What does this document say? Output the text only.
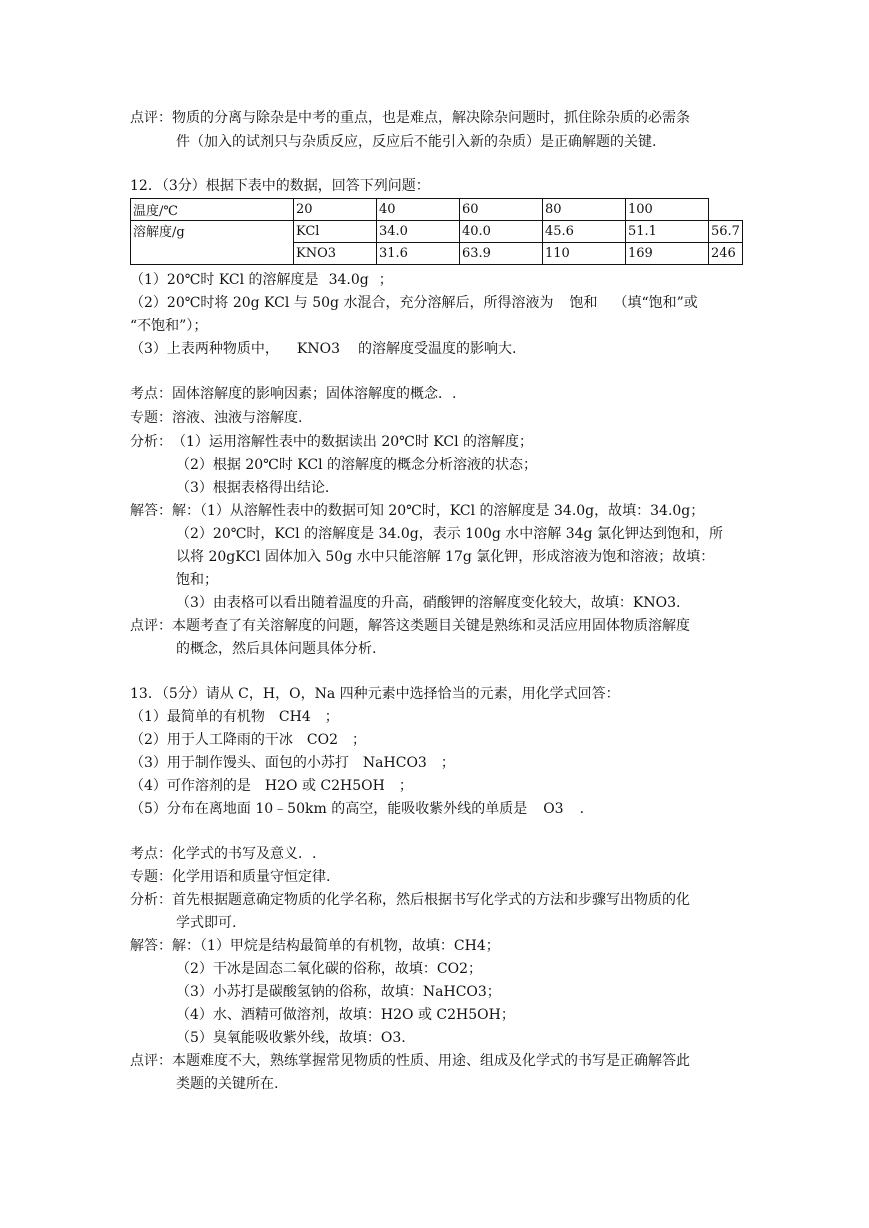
点评：物质的分离与除杂是中考的重点，也是难点，解决除杂问题时，抓住除杂质的必需条
件（加入的试剂只与杂质反应，反应后不能引入新的杂质）是正确解题的关键.
12．（3分）根据下表中的数据，回答下列问题：
温度/℃	20	40	60	80	100	
溶解度/g	KCl	34.0	40.0	45.6	51.1	56.7
	KNO3	31.6	63.9	110	169	246
（1）20℃时 KCl 的溶解度是 34.0g ；
（2）20℃时将 20g KCl 与 50g 水混合，充分溶解后，所得溶液为 饱和 （填“饱和”或
“不饱和”）；
（3）上表两种物质中， KNO3 的溶解度受温度的影响大.
考点：固体溶解度的影响因素；固体溶解度的概念．.
专题：溶液、浊液与溶解度.
分析：（1）运用溶解性表中的数据读出 20℃时 KCl 的溶解度；
（2）根据 20℃时 KCl 的溶解度的概念分析溶液的状态；
（3）根据表格得出结论.
解答：解：（1）从溶解性表中的数据可知 20℃时，KCl 的溶解度是 34.0g，故填：34.0g；
（2）20℃时，KCl 的溶解度是 34.0g，表示 100g 水中溶解 34g 氯化钾达到饱和，所
以将 20gKCl 固体加入 50g 水中只能溶解 17g 氯化钾，形成溶液为饱和溶液；故填：
饱和；
（3）由表格可以看出随着温度的升高，硝酸钾的溶解度变化较大，故填：KNO3.
点评：本题考查了有关溶解度的问题，解答这类题目关键是熟练和灵活应用固体物质溶解度
的概念，然后具体问题具体分析.
13．（5分）请从 C，H，O，Na 四种元素中选择恰当的元素，用化学式回答：
（1）最简单的有机物 CH4 ；
（2）用于人工降雨的干冰 CO2 ；
（3）用于制作馒头、面包的小苏打 NaHCO3 ；
（4）可作溶剂的是 H2O 或 C2H5OH ；
（5）分布在离地面 10﹣50km 的高空，能吸收紫外线的单质是 O3 .
考点：化学式的书写及意义．.
专题：化学用语和质量守恒定律.
分析：首先根据题意确定物质的化学名称，然后根据书写化学式的方法和步骤写出物质的化
学式即可.
解答：解：（1）甲烷是结构最简单的有机物，故填：CH4；
（2）干冰是固态二氧化碳的俗称，故填：CO2；
（3）小苏打是碳酸氢钠的俗称，故填：NaHCO3；
（4）水、酒精可做溶剂，故填：H2O 或 C2H5OH；
（5）臭氧能吸收紫外线，故填：O3.
点评：本题难度不大，熟练掌握常见物质的性质、用途、组成及化学式的书写是正确解答此
类题的关键所在.
